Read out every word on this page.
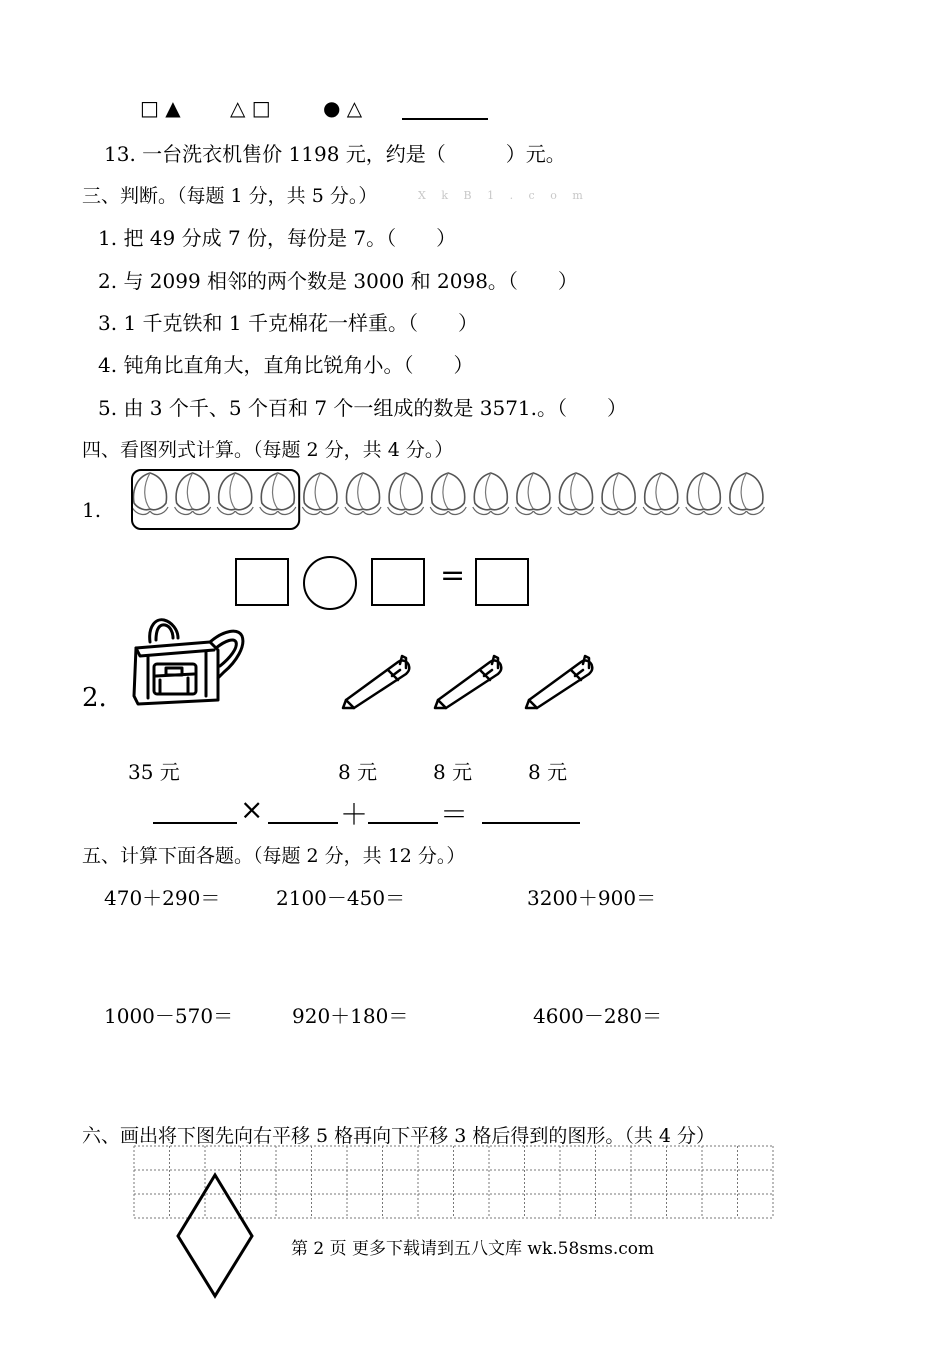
□ ▲ △ □	● △
13. 一台洗衣机售价 1198 元，约是（　　　）元。
三、判断。（每题 1 分，共 5 分。）	X k B 1 . c o m
1. 把 49 分成 7 份，每份是 7。（　　）
2. 与 2099 相邻的两个数是 3000 和 2098。（　　）
3. 1 千克铁和 1 千克棉花一样重。（　　）
4. 钝角比直角大，直角比锐角小。（　　）
5. 由 3 个千、5 个百和 7 个一组成的数是 3571.。（　　）
四、看图列式计算。（每题 2 分，共 4 分。）
1.
=
2.
35 元	8 元	8 元	8 元
×	＋	＝
五、计算下面各题。（每题 2 分，共 12 分。）
470＋290＝	2100－450＝	3200＋900＝
1000－570＝	920＋180＝	4600－280＝
六、画出将下图先向右平移 5 格再向下平移 3 格后得到的图形。（共 4 分）
第 2 页 更多下载请到五八文库 wk.58sms.com
